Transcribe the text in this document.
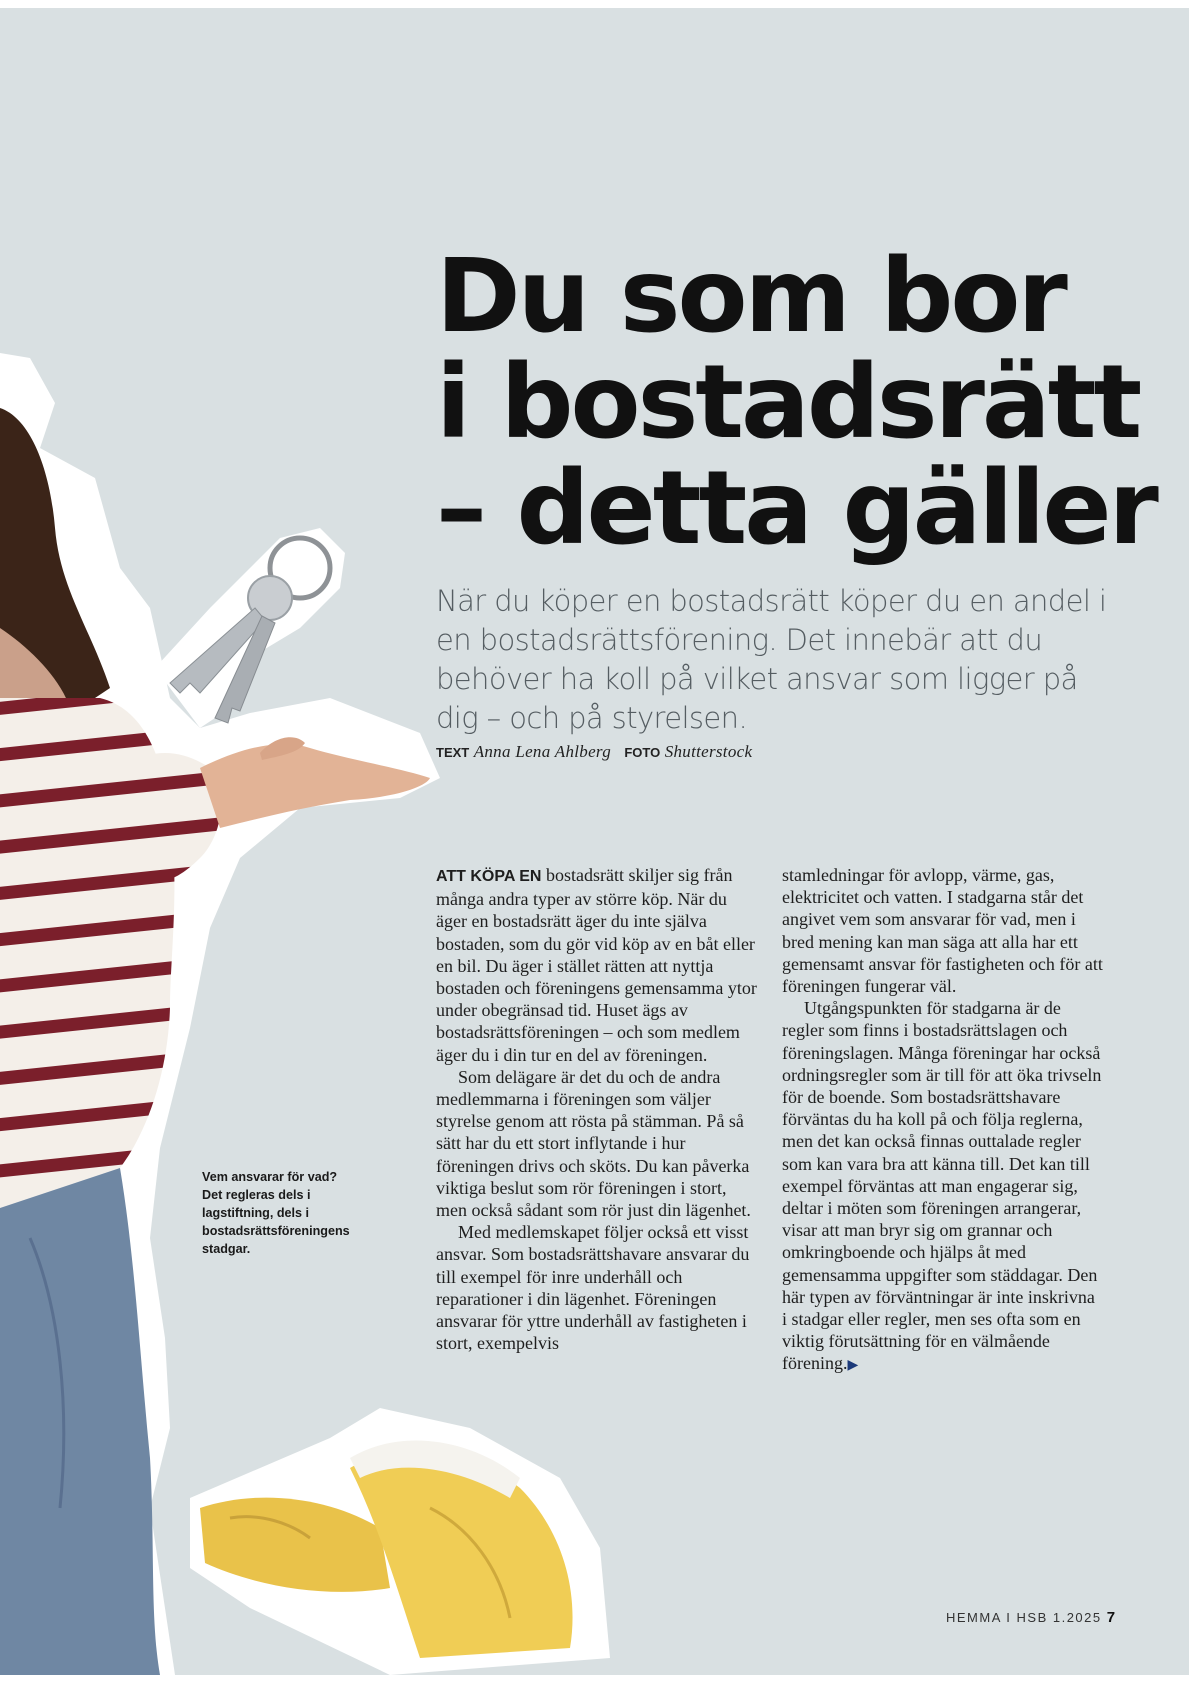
Du som bor
i bostadsrätt
– detta gäller

När du köper en bostadsrätt köper du en andel i en bostadsrättsförening. Det innebär att du behöver ha koll på vilket ansvar som ligger på dig – och på styrelsen.

TEXT Anna Lena Ahlberg FOTO Shutterstock

ATT KÖPA EN bostadsrätt skiljer sig från många andra typer av större köp. När du äger en bostadsrätt äger du inte själva bostaden, som du gör vid köp av en båt eller en bil. Du äger i stället rätten att nyttja bostaden och föreningens gemensamma ytor under obegränsad tid. Huset ägs av bostadsrättsföreningen – och som medlem äger du i din tur en del av föreningen.

Som delägare är det du och de andra medlemmarna i föreningen som väljer styrelse genom att rösta på stämman. På så sätt har du ett stort inflytande i hur föreningen drivs och sköts. Du kan påverka viktiga beslut som rör föreningen i stort, men också sådant som rör just din lägenhet.

Med medlemskapet följer också ett visst ansvar. Som bostadsrättshavare ansvarar du till exempel för inre underhåll och reparationer i din lägenhet. Föreningen ansvarar för yttre underhåll av fastigheten i stort, exempelvis

stamledningar för avlopp, värme, gas, elektricitet och vatten. I stadgarna står det angivet vem som ansvarar för vad, men i bred mening kan man säga att alla har ett gemensamt ansvar för fastigheten och för att föreningen fungerar väl.

Utgångspunkten för stadgarna är de regler som finns i bostadsrättslagen och föreningslagen. Många föreningar har också ordningsregler som är till för att öka trivseln för de boende. Som bostadsrättshavare förväntas du ha koll på och följa reglerna, men det kan också finnas outtalade regler som kan vara bra att känna till. Det kan till exempel förväntas att man engagerar sig, deltar i möten som föreningen arrangerar, visar att man bryr sig om grannar och omkringboende och hjälps åt med gemensamma uppgifter som städdagar. Den här typen av förväntningar är inte inskrivna i stadgar eller regler, men ses ofta som en viktig förutsättning för en välmående förening.▶

Vem ansvarar för vad? Det regleras dels i lagstiftning, dels i bostadsrättsföreningens stadgar.

HEMMA I HSB 1.2025 7
